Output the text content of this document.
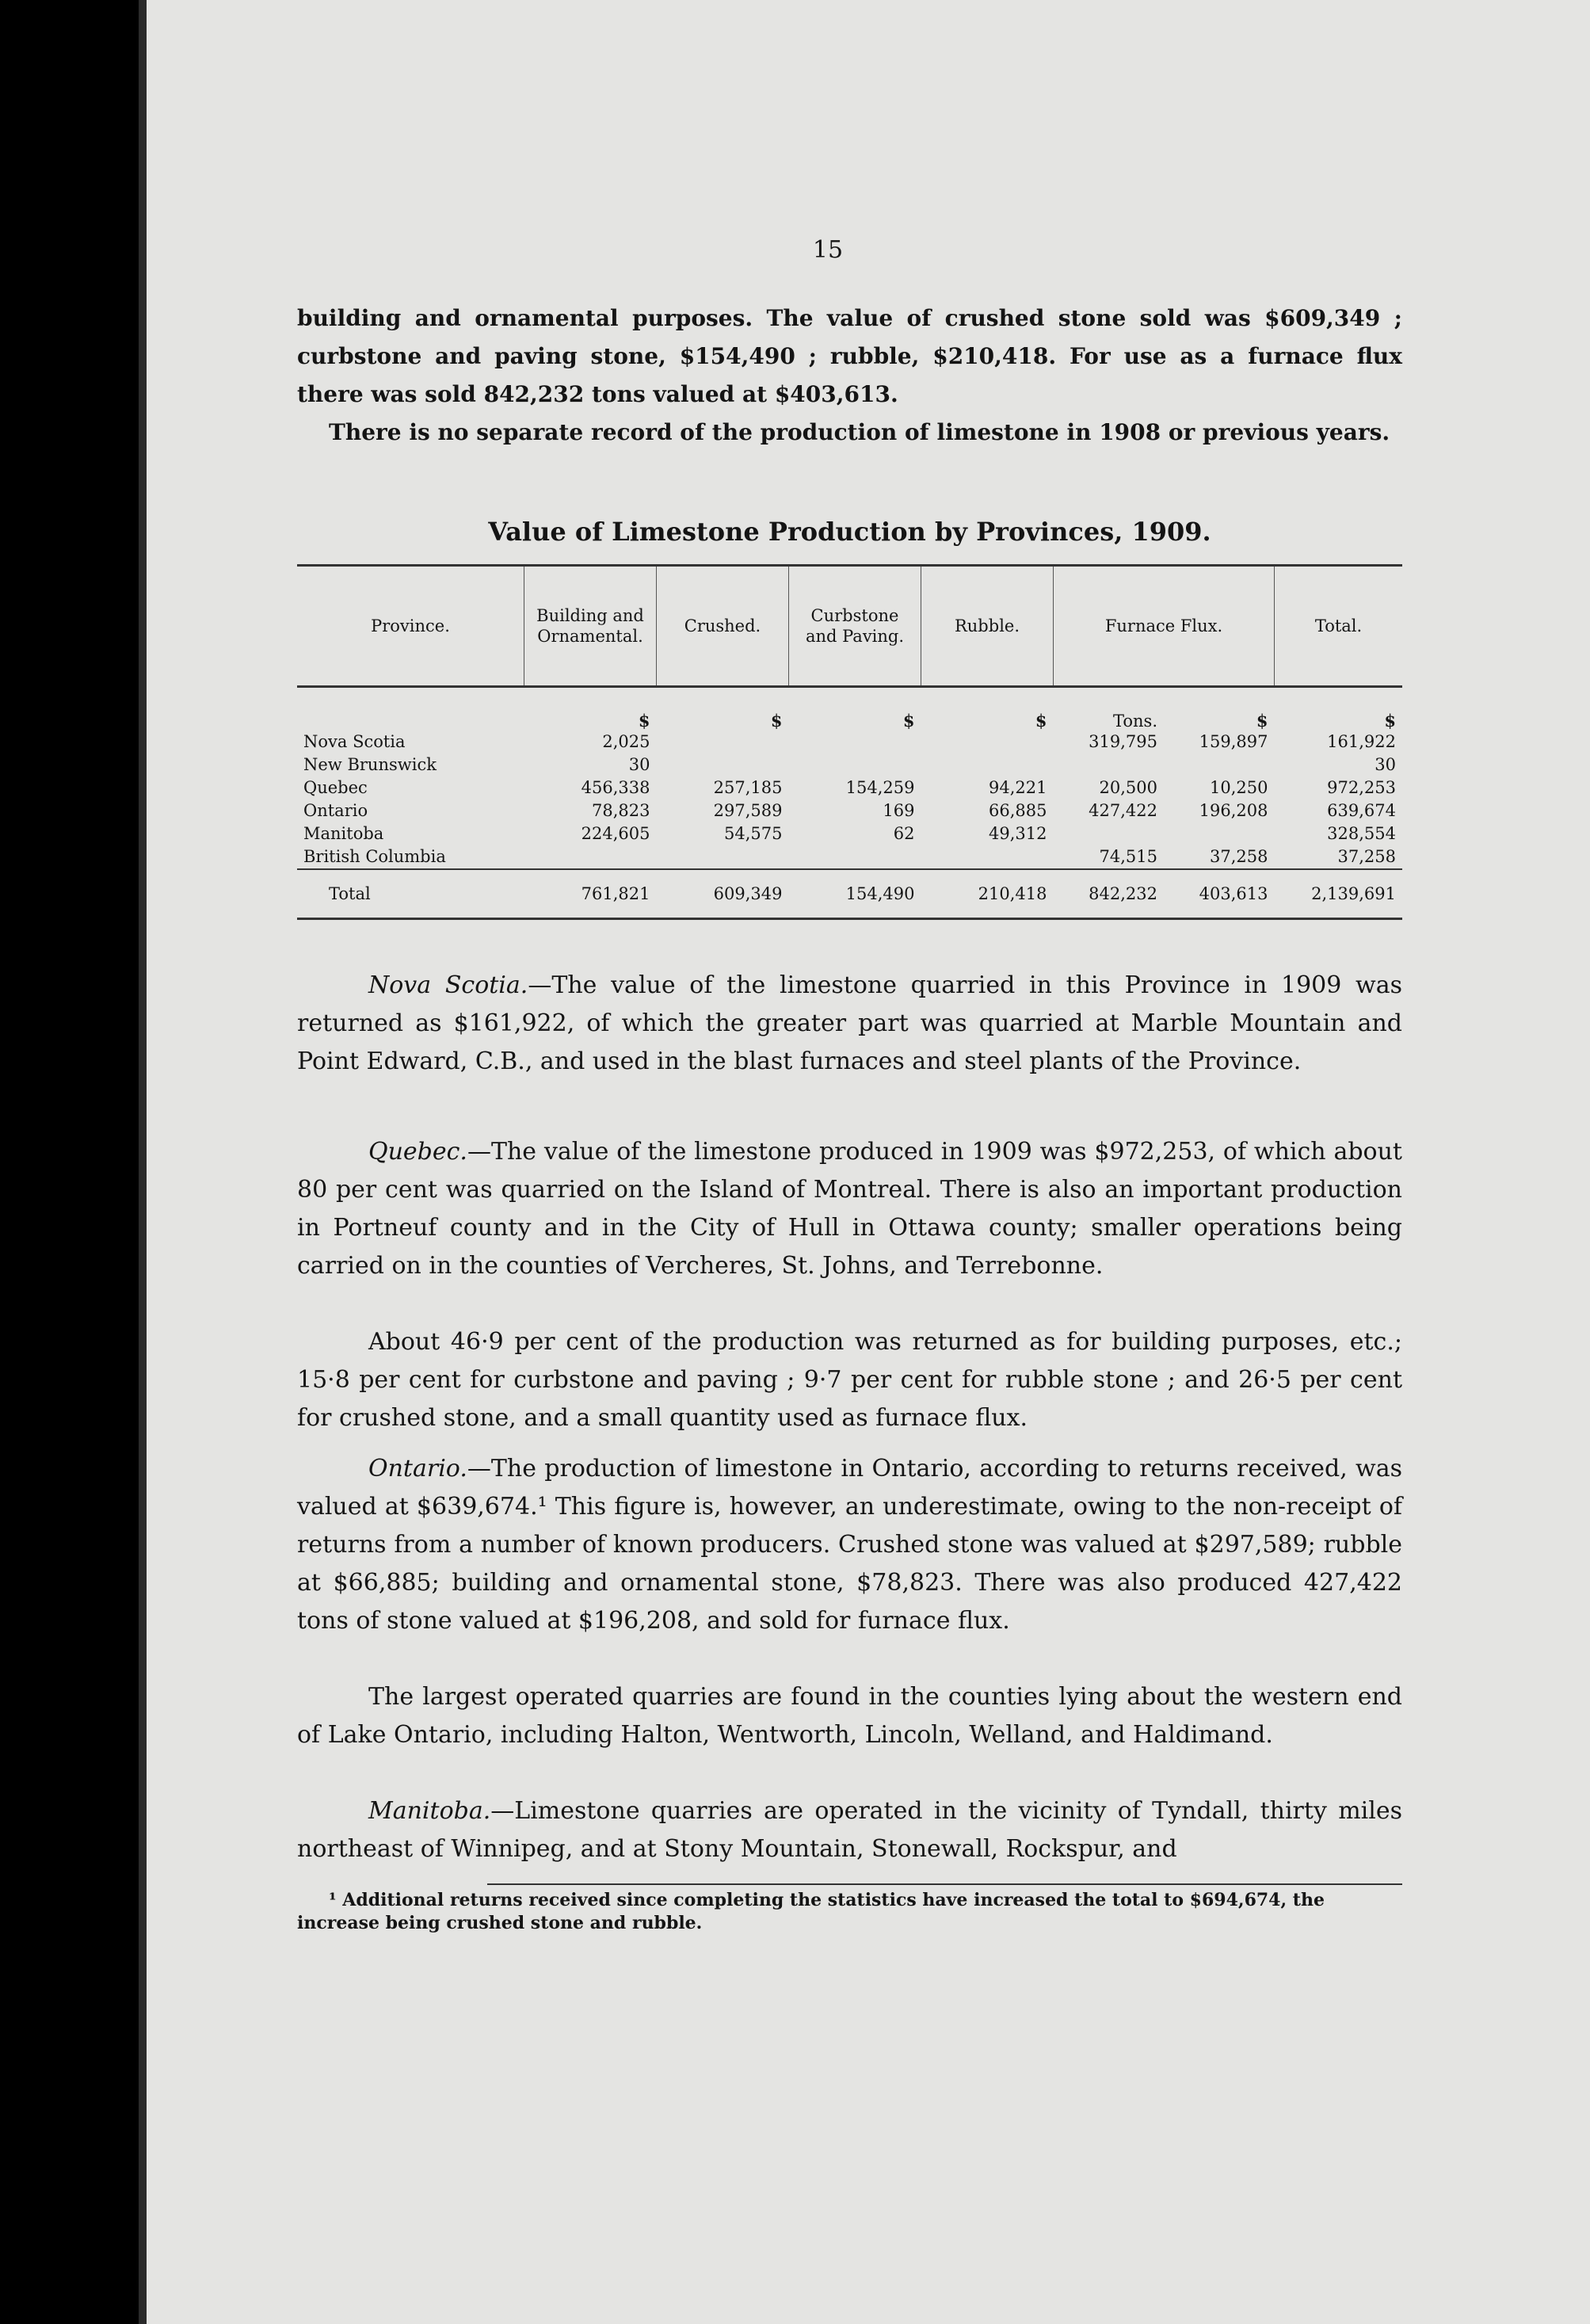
15
building and ornamental purposes. The value of crushed stone sold was $609,349 ; curbstone and paving stone, $154,490 ; rubble, $210,418. For use as a furnace flux there was sold 842,232 tons valued at $403,613.
There is no separate record of the production of limestone in 1908 or previous years.
Value of Limestone Production by Provinces, 1909.
Province.	Building and Ornamental.	Crushed.	Curbstone and Paving.	Rubble.	Furnace Flux.		Total.
	$	$	$	$	Tons.	$	$
Nova Scotia	2,025				319,795	159,897	161,922
New Brunswick	30						30
Quebec	456,338	257,185	154,259	94,221	20,500	10,250	972,253
Ontario	78,823	297,589	169	66,885	427,422	196,208	639,674
Manitoba	224,605	54,575	62	49,312			328,554
British Columbia					74,515	37,258	37,258
Total	761,821	609,349	154,490	210,418	842,232	403,613	2,139,691

Nova Scotia.—The value of the limestone quarried in this Province in 1909 was returned as $161,922, of which the greater part was quarried at Marble Mountain and Point Edward, C.B., and used in the blast furnaces and steel plants of the Province.

Quebec.—The value of the limestone produced in 1909 was $972,253, of which about 80 per cent was quarried on the Island of Montreal. There is also an important production in Portneuf county and in the City of Hull in Ottawa county; smaller operations being carried on in the counties of Vercheres, St. Johns, and Terrebonne.

About 46·9 per cent of the production was returned as for building purposes, etc.; 15·8 per cent for curbstone and paving ; 9·7 per cent for rubble stone ; and 26·5 per cent for crushed stone, and a small quantity used as furnace flux.

Ontario.—The production of limestone in Ontario, according to returns received, was valued at $639,674.¹ This figure is, however, an underestimate, owing to the non-receipt of returns from a number of known producers. Crushed stone was valued at $297,589; rubble at $66,885; building and ornamental stone, $78,823. There was also produced 427,422 tons of stone valued at $196,208, and sold for furnace flux.

The largest operated quarries are found in the counties lying about the western end of Lake Ontario, including Halton, Wentworth, Lincoln, Welland, and Haldimand.

Manitoba.—Limestone quarries are operated in the vicinity of Tyndall, thirty miles northeast of Winnipeg, and at Stony Mountain, Stonewall, Rockspur, and

¹ Additional returns received since completing the statistics have increased the total to $694,674, the increase being crushed stone and rubble.
